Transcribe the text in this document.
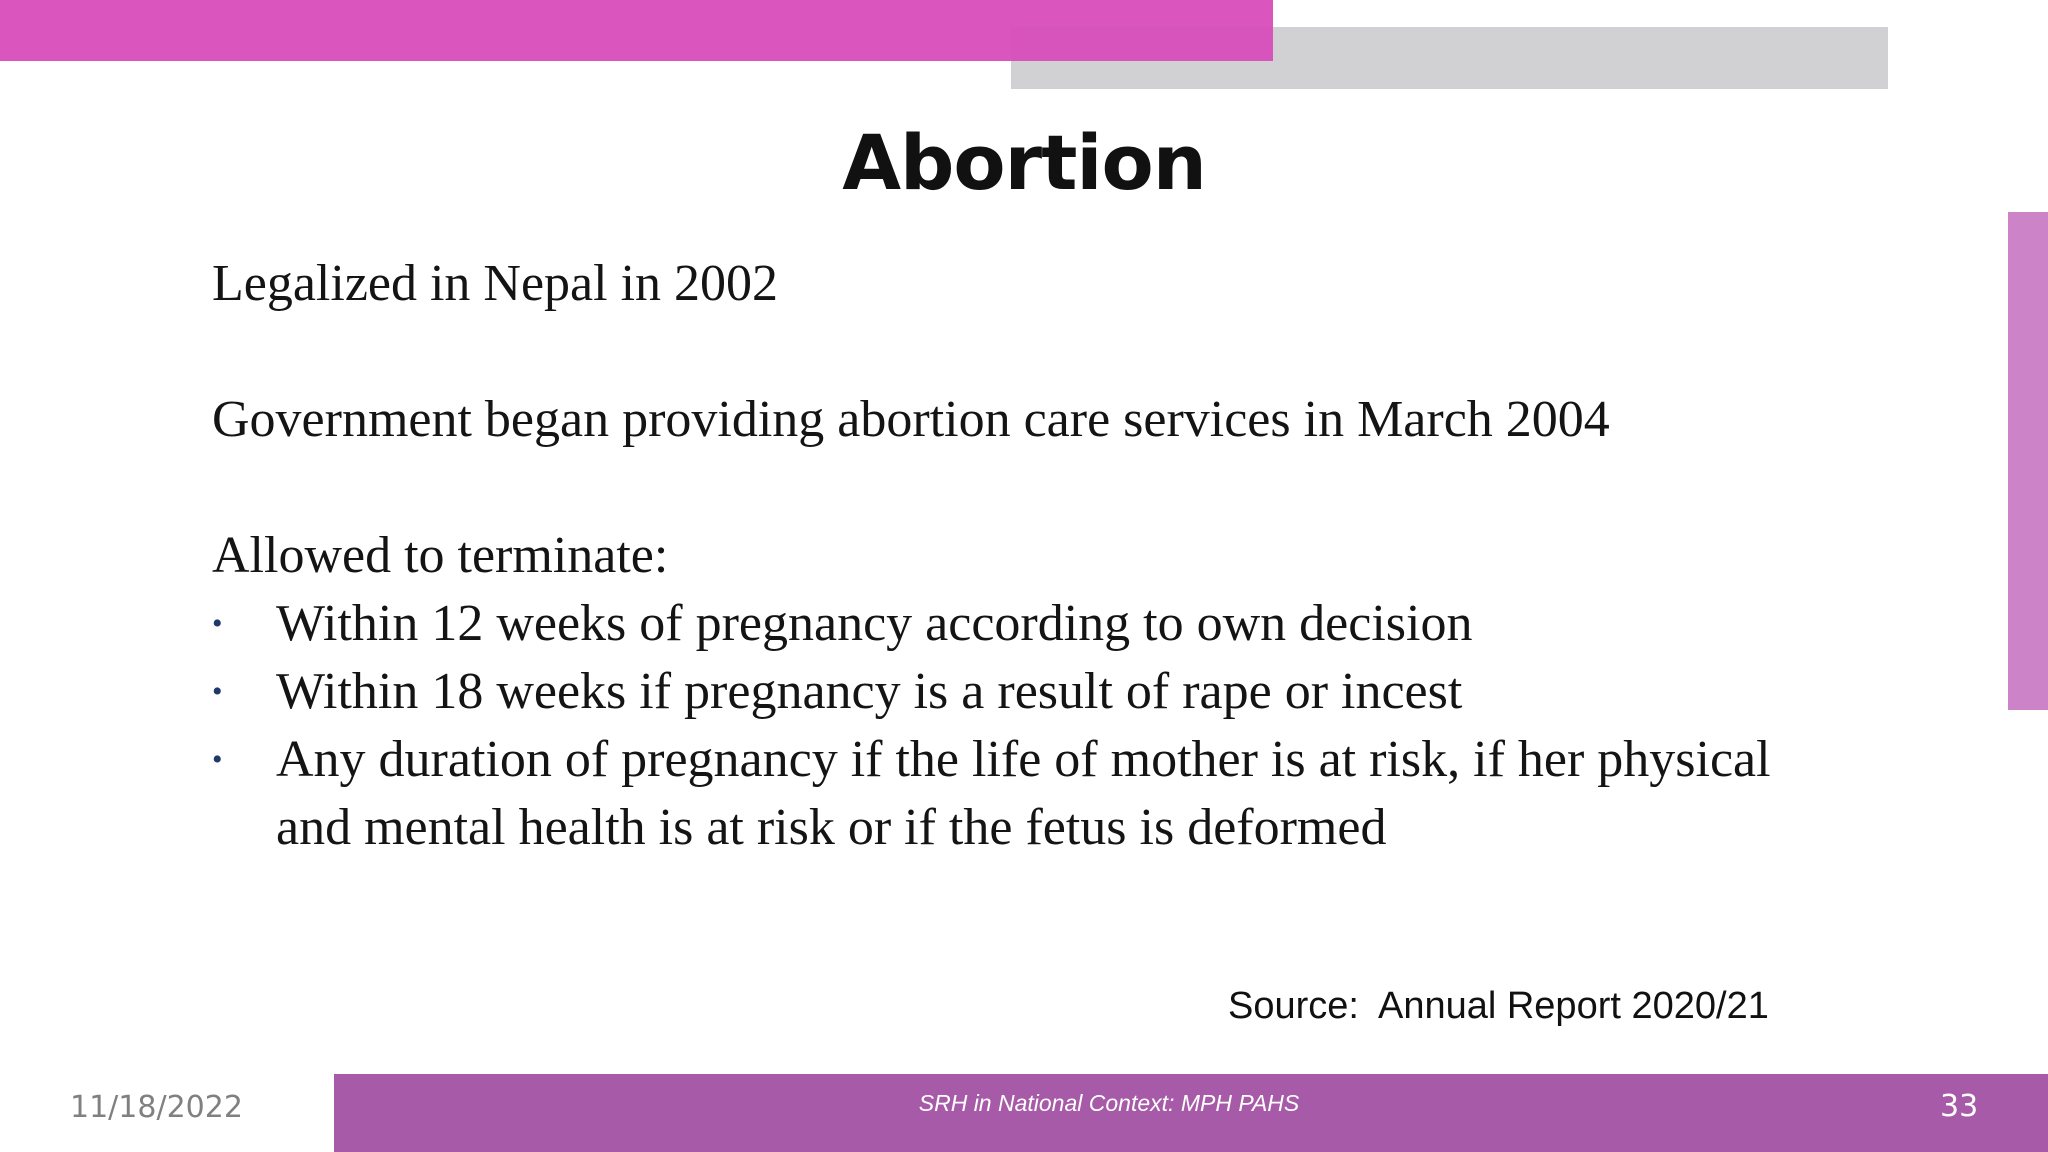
Abortion

Legalized in Nepal in 2002

Government began providing abortion care services in March 2004

Allowed to terminate:

• Within 12 weeks of pregnancy according to own decision
• Within 18 weeks if pregnancy is a result of rape or incest
• Any duration of pregnancy if the life of mother is at risk, if her physical and mental health is at risk or if the fetus is deformed
Source:  Annual Report 2020/21
11/18/2022	SRH in National Context: MPH PAHS	33
